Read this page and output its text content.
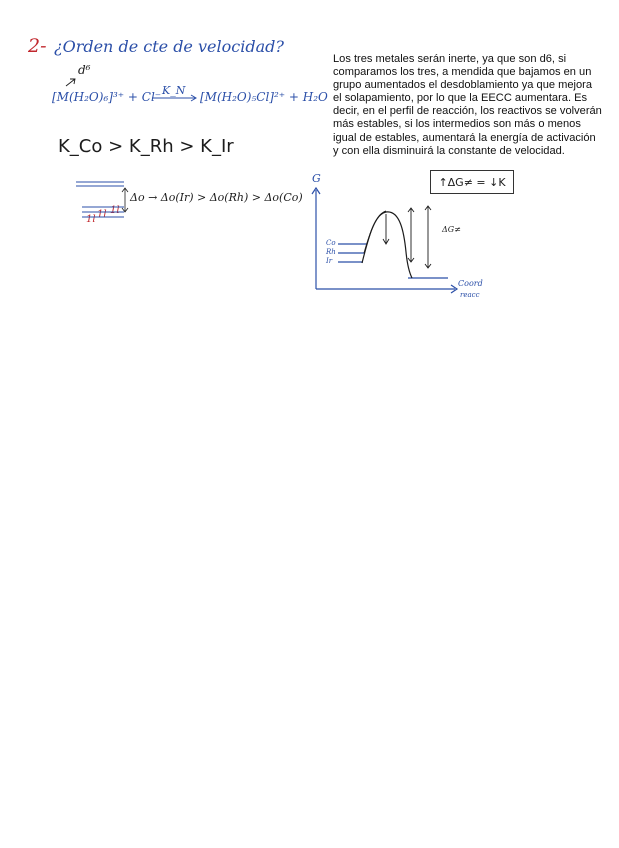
2- ¿Orden de cte de velocidad?
d⁶
[M(H₂O)₆]³⁺ + Cl⁻ K_N [M(H₂O)₅Cl]²⁺ + H₂O
K_Co > K_Rh > K_Ir
Δo → Δo(Ir) > Δo(Rh) > Δo(Co)
1l 1l 1l
Los tres metales serán inerte, ya que son d6, si comparamos los tres, a mendida que bajamos en un grupo aumentados el desdoblamiento ya que mejora el solapamiento, por lo que la EECC aumentara. Es decir, en el perfil de reacción, los reactivos se volverán más estables, si los intermedios son más o menos igual de estables, aumentará la energía de activación y con ella disminuirá la constante de velocidad.
↑ΔG≠ = ↓K
G
Coord
reacc
Co
Rh
Ir
ΔG≠
